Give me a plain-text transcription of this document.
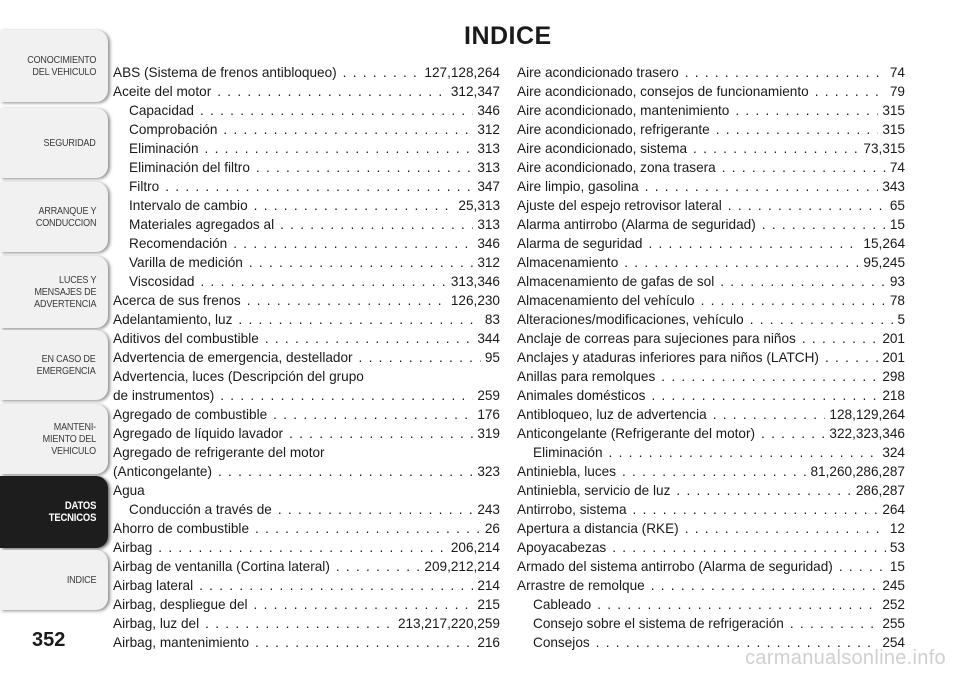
CONOCIMIENTO
DEL VEHICULO
SEGURIDAD
ARRANQUE Y
CONDUCCION
LUCES Y
MENSAJES DE
ADVERTENCIA
EN CASO DE
EMERGENCIA
MANTENI-
MIENTO DEL
VEHICULO
DATOS
TECNICOS
INDICE
352
INDICE
ABS (Sistema de frenos antibloqueo) . . .	127,128,264
Aceite del motor . . .	312,347
Capacidad . . .	346
Comprobación . . .	312
Eliminación . . .	313
Eliminación del filtro . . .	313
Filtro . . .	347
Intervalo de cambio . . .	25,313
Materiales agregados al . . .	313
Recomendación . . .	346
Varilla de medición . . .	312
Viscosidad . . .	313,346
Acerca de sus frenos . . .	126,230
Adelantamiento, luz . . .	83
Aditivos del combustible . . .	344
Advertencia de emergencia, destellador . . .	95
Advertencia, luces (Descripción del grupo
de instrumentos) . . .	259
Agregado de combustible . . .	176
Agregado de líquido lavador . . .	319
Agregado de refrigerante del motor
(Anticongelante) . . .	323
Agua
Conducción a través de . . .	243
Ahorro de combustible . . .	26
Airbag . . .	206,214
Airbag de ventanilla (Cortina lateral) . . .	209,212,214
Airbag lateral . . .	214
Airbag, despliegue del . . .	215
Airbag, luz del . . .	213,217,220,259
Airbag, mantenimiento . . .	216
Aire acondicionado trasero . . .	74
Aire acondicionado, consejos de funcionamiento . . .	79
Aire acondicionado, mantenimiento . . .	315
Aire acondicionado, refrigerante . . .	315
Aire acondicionado, sistema . . .	73,315
Aire acondicionado, zona trasera . . .	74
Aire limpio, gasolina . . .	343
Ajuste del espejo retrovisor lateral . . .	65
Alarma antirrobo (Alarma de seguridad) . . .	15
Alarma de seguridad . . .	15,264
Almacenamiento . . .	95,245
Almacenamiento de gafas de sol . . .	93
Almacenamiento del vehículo . . .	78
Alteraciones/modificaciones, vehículo . . .	5
Anclaje de correas para sujeciones para niños . . .	201
Anclajes y ataduras inferiores para niños (LATCH) . . .	201
Anillas para remolques . . .	298
Animales domésticos . . .	218
Antibloqueo, luz de advertencia . . .	128,129,264
Anticongelante (Refrigerante del motor) . . .	322,323,346
Eliminación . . .	324
Antiniebla, luces . . .	81,260,286,287
Antiniebla, servicio de luz . . .	286,287
Antirrobo, sistema . . .	264
Apertura a distancia (RKE) . . .	12
Apoyacabezas . . .	53
Armado del sistema antirrobo (Alarma de seguridad) . . .	15
Arrastre de remolque . . .	245
Cableado . . .	252
Consejo sobre el sistema de refrigeración . . .	255
Consejos . . .	254
carmanualsonline.info
